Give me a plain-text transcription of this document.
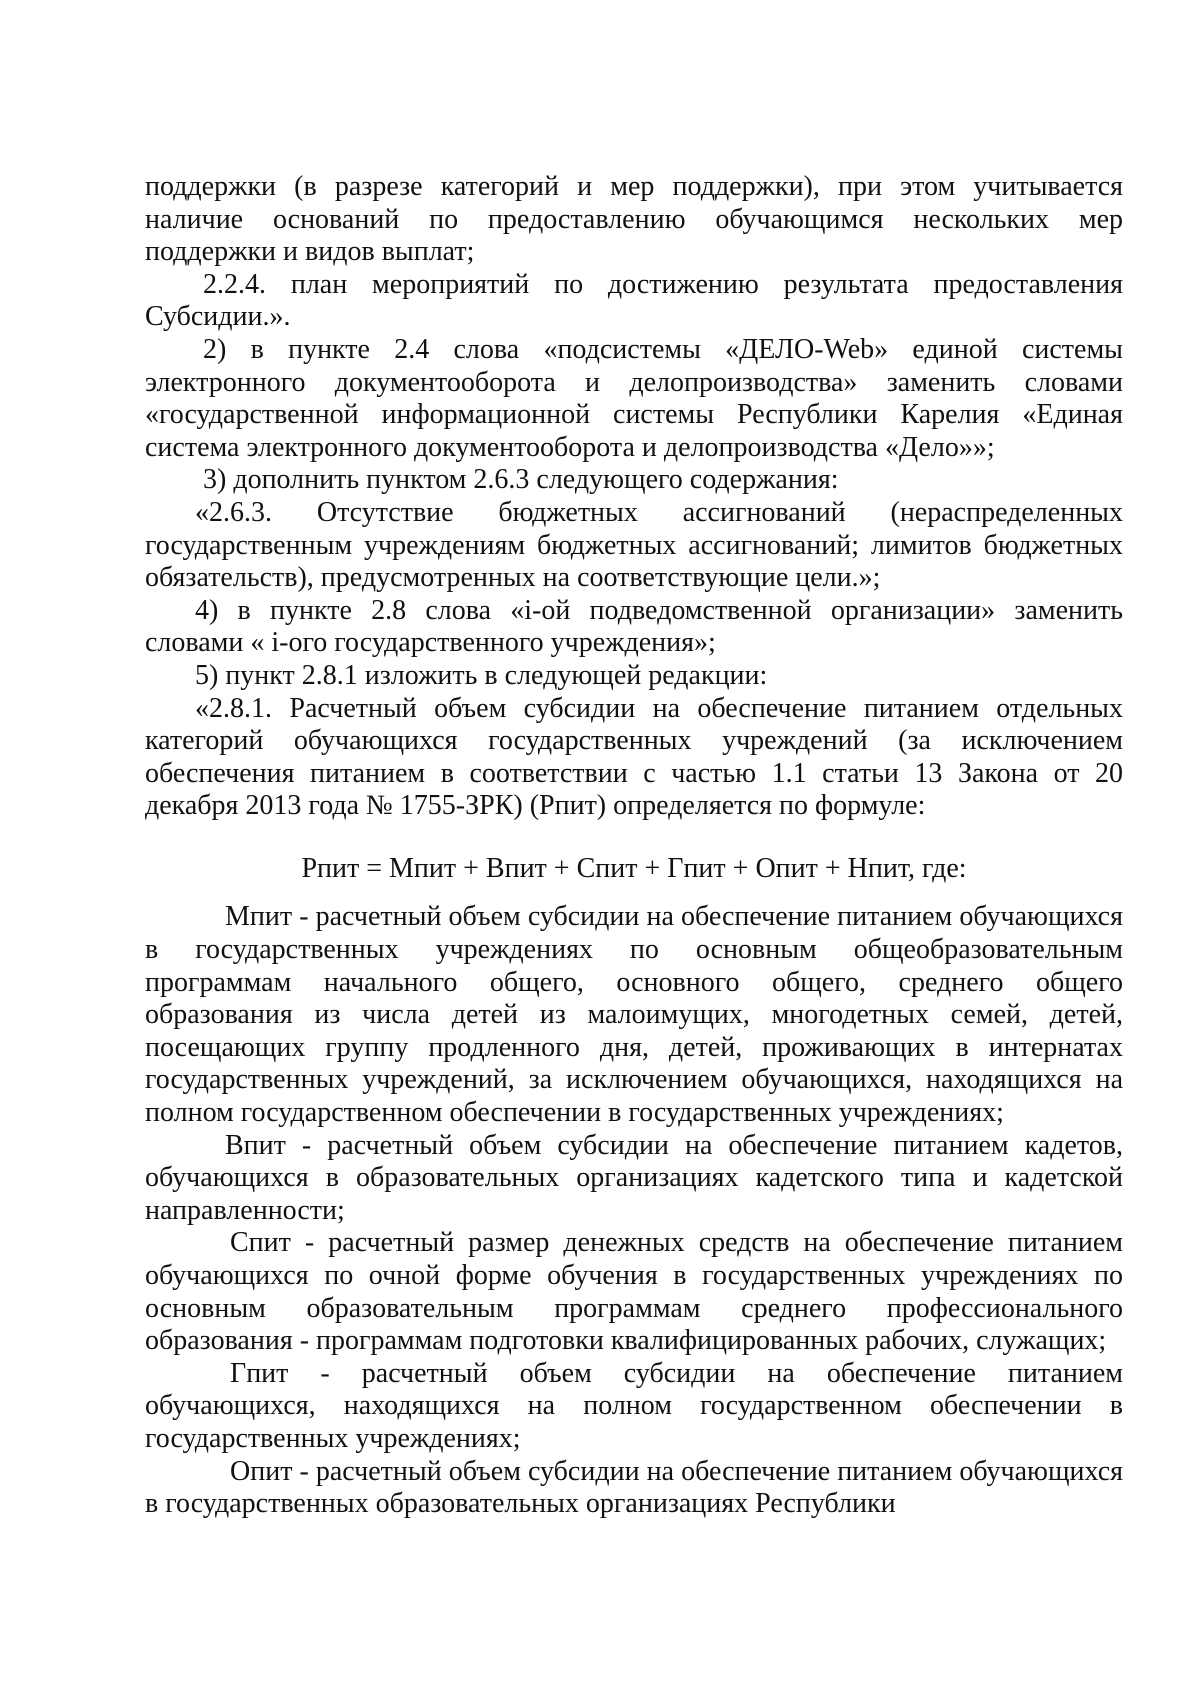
поддержки (в разрезе категорий и мер поддержки), при этом учитывается наличие оснований по предоставлению обучающимся нескольких мер поддержки и видов выплат;

2.2.4. план мероприятий по достижению результата предоставления Субсидии.».

2) в пункте 2.4 слова «подсистемы «ДЕЛО-Web» единой системы электронного документооборота и делопроизводства» заменить словами «государственной информационной системы Республики Карелия «Единая система электронного документооборота и делопроизводства «Дело»»;

3) дополнить пунктом 2.6.3 следующего содержания:

«2.6.3. Отсутствие бюджетных ассигнований (нераспределенных государственным учреждениям бюджетных ассигнований; лимитов бюджетных обязательств), предусмотренных на соответствующие цели.»;

4) в пункте 2.8 слова «i-ой подведомственной организации» заменить словами « i-ого государственного учреждения»;

5) пункт 2.8.1 изложить в следующей редакции:

«2.8.1. Расчетный объем субсидии на обеспечение питанием отдельных категорий обучающихся государственных учреждений (за исключением обеспечения питанием в соответствии с частью 1.1 статьи 13 Закона от 20 декабря 2013 года № 1755-ЗРК) (Рпит) определяется по формуле:

Рпит = Мпит + Впит + Спит + Гпит + Опит + Нпит, где:

Мпит - расчетный объем субсидии на обеспечение питанием обучающихся в государственных учреждениях по основным общеобразовательным программам начального общего, основного общего, среднего общего образования из числа детей из малоимущих, многодетных семей, детей, посещающих группу продленного дня, детей, проживающих в интернатах государственных учреждений, за исключением обучающихся, находящихся на полном государственном обеспечении в государственных учреждениях;

Впит - расчетный объем субсидии на обеспечение питанием кадетов, обучающихся в образовательных организациях кадетского типа и кадетской направленности;

Спит - расчетный размер денежных средств на обеспечение питанием обучающихся по очной форме обучения в государственных учреждениях по основным образовательным программам среднего профессионального образования - программам подготовки квалифицированных рабочих, служащих;

Гпит - расчетный объем субсидии на обеспечение питанием обучающихся, находящихся на полном государственном обеспечении в государственных учреждениях;

Опит - расчетный объем субсидии на обеспечение питанием обучающихся в государственных образовательных организациях Республики
